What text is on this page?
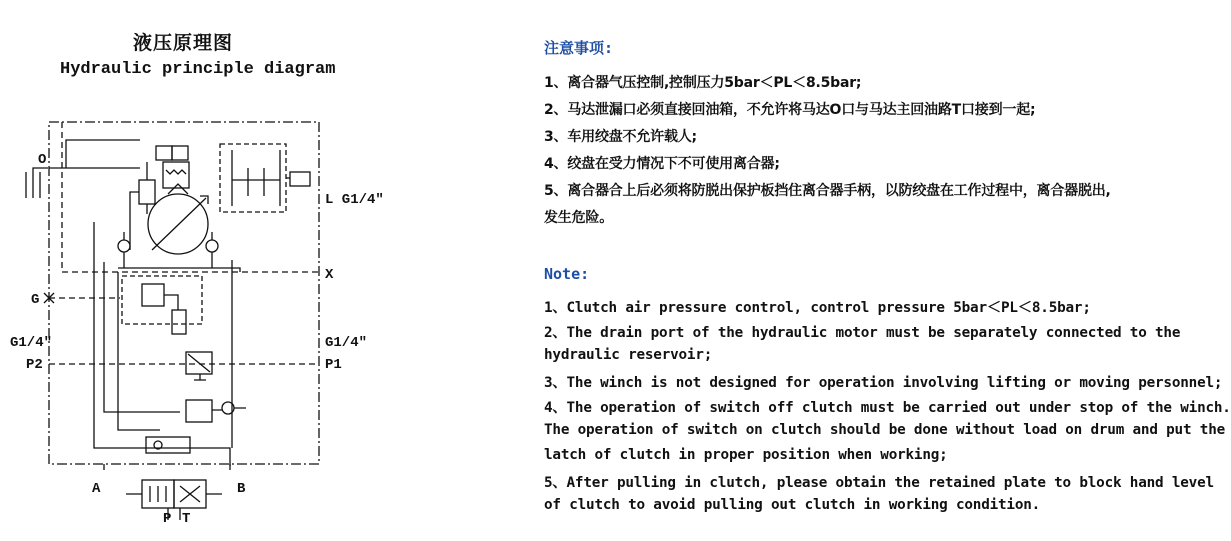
液压原理图
Hydraulic principle diagram
O
L G1/4"
X
G
G1/4"	G1/4"
P2	P1
A	B
P T
注意事项:
1、离合器气压控制,控制压力5bar＜PL＜8.5bar;
2、马达泄漏口必须直接回油箱，不允许将马达O口与马达主回油路T口接到一起;
3、车用绞盘不允许载人;
4、绞盘在受力情况下不可使用离合器;
5、离合器合上后必须将防脱出保护板挡住离合器手柄，以防绞盘在工作过程中，离合器脱出,
发生危险。
Note:
1、Clutch air pressure control, control pressure 5bar＜PL＜8.5bar;
2、The drain port of the hydraulic motor must be separately connected to the
hydraulic reservoir;
3、The winch is not designed for operation involving lifting or moving personnel;
4、The operation of switch off clutch must be carried out under stop of the winch.
The operation of switch on clutch should be done without load on drum and put the
latch of clutch in proper position when working;
5、After pulling in clutch, please obtain the retained plate to block hand level
of clutch to avoid pulling out clutch in working condition.
